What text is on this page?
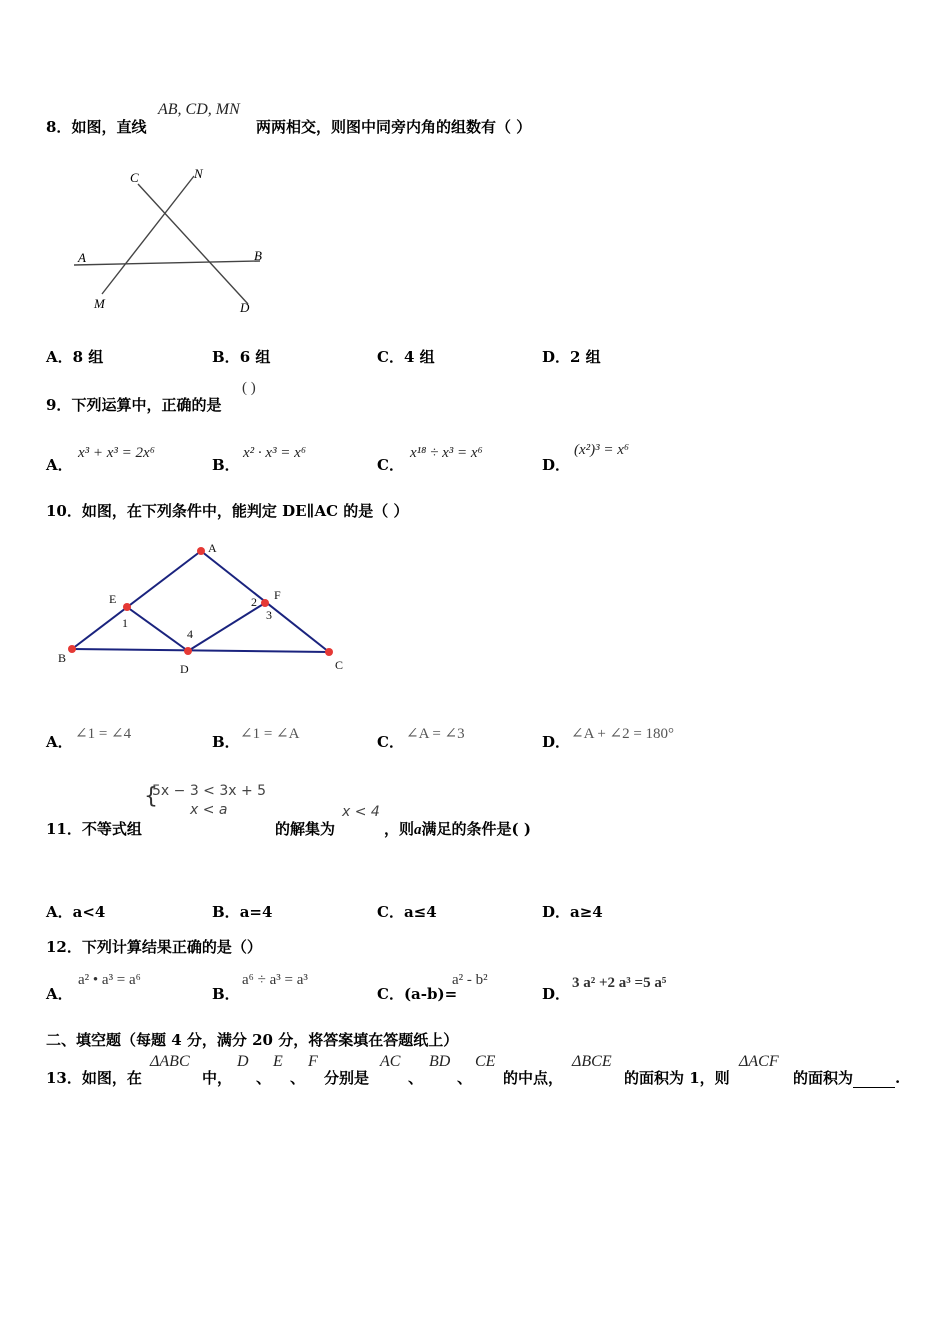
8．如图，直线
AB, CD, MN
两两相交，则图中同旁内角的组数有（ ）
C	N
A	B
M	D
A．8 组	B．6 组	C．4 组	D．2 组
9．下列运算中，正确的是
( )
A．
x³ + x³ = 2x⁶
B．
x² · x³ = x⁶
C．
x¹⁸ ÷ x³ = x⁶
D．
(x²)³ = x⁶
10．如图，在下列条件中，能判定 DE∥AC 的是（ ）
A
B	C
D
E	F
1
2
3
4
A． ∠1 = ∠4	B． ∠1 = ∠A	C． ∠A = ∠3	D． ∠A + ∠2 = 180°
{
5x − 3 < 3x + 5
x < a
11．不等式组	的解集为
x < 4
，则a满足的条件是( )
A．a<4	B．a=4	C．a≤4	D．a≥4
12．下列计算结果正确的是（）
A．
a² • a³ = a⁶
B．
a⁶ ÷ a³ = a³
C．(a-b)=
a² - b²
D．
3 a² +2 a³ =5 a⁵
二、填空题（每题 4 分，满分 20 分，将答案填在答题纸上）
13．如图，在
ΔABC
中，
D
、
E
、
F
分别是
AC
、
BD
、
CE
的中点，
ΔBCE
的面积为 1，则
ΔACF
的面积为	.
